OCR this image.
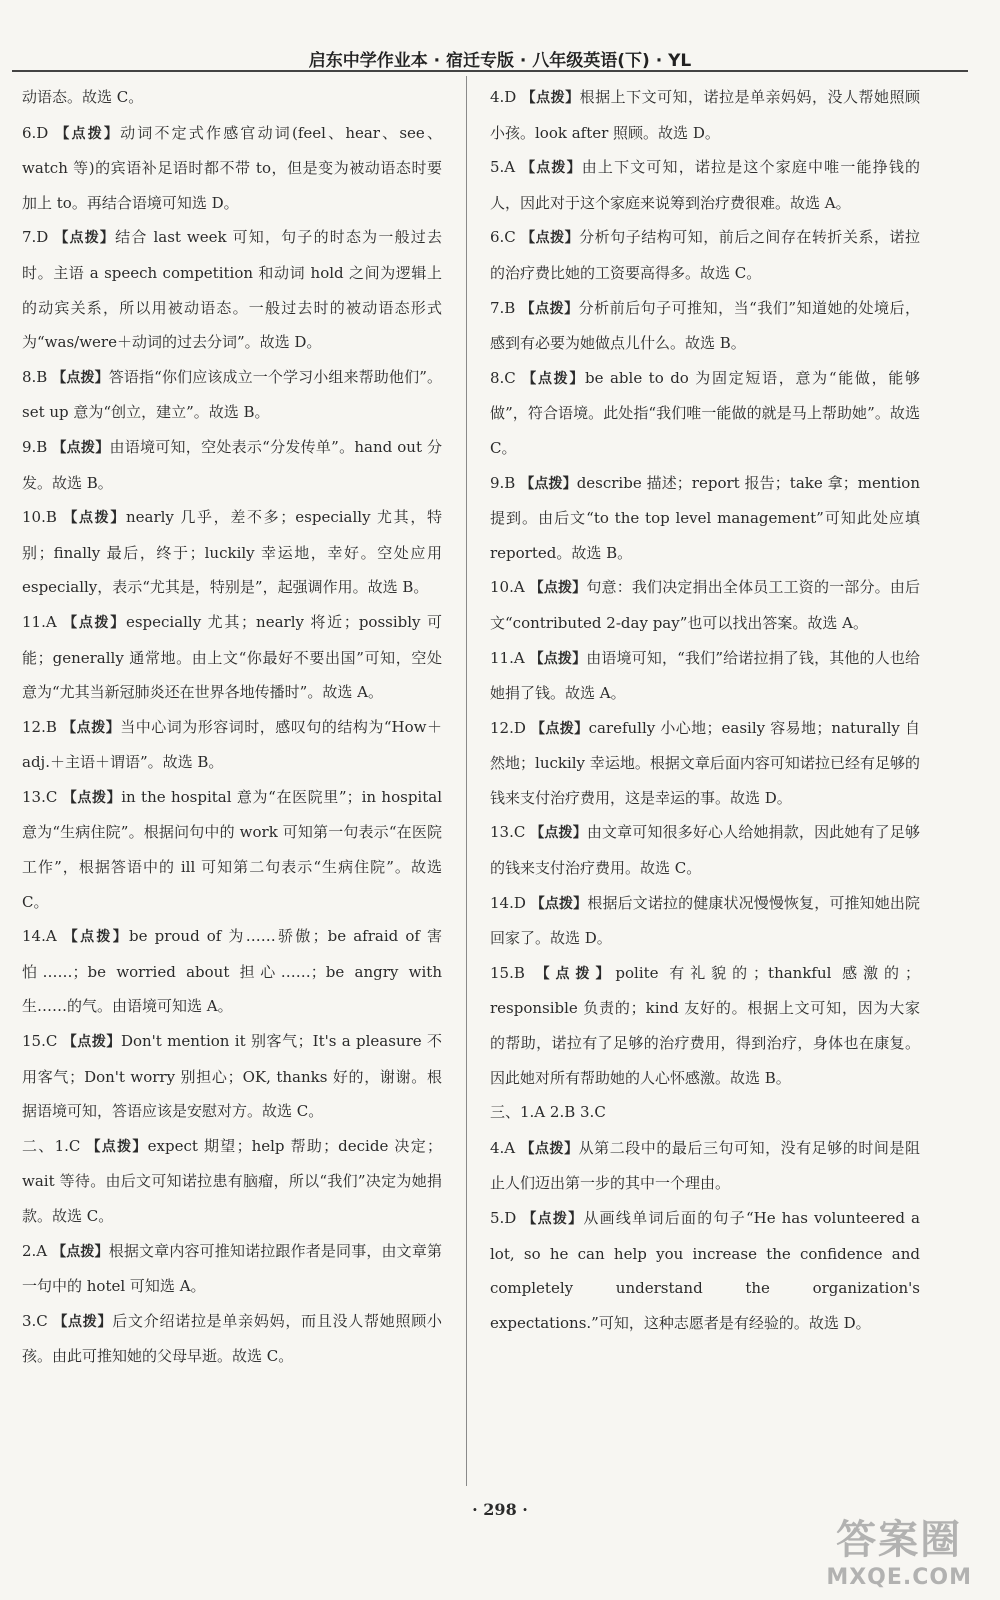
启东中学作业本 · 宿迁专版 · 八年级英语(下) · YL
动语态。故选 C。
6.D 【点拨】动词不定式作感官动词(feel、hear、see、watch 等)的宾语补足语时都不带 to，但是变为被动语态时要加上 to。再结合语境可知选 D。
7.D 【点拨】结合 last week 可知，句子的时态为一般过去时。主语 a speech competition 和动词 hold 之间为逻辑上的动宾关系，所以用被动语态。一般过去时的被动语态形式为“was/were＋动词的过去分词”。故选 D。
8.B 【点拨】答语指“你们应该成立一个学习小组来帮助他们”。set up 意为“创立，建立”。故选 B。
9.B 【点拨】由语境可知，空处表示“分发传单”。hand out 分发。故选 B。
10.B 【点拨】nearly 几乎，差不多；especially 尤其，特别；finally 最后，终于；luckily 幸运地，幸好。空处应用 especially，表示“尤其是，特别是”，起强调作用。故选 B。
11.A 【点拨】especially 尤其；nearly 将近；possibly 可能；generally 通常地。由上文“你最好不要出国”可知，空处意为“尤其当新冠肺炎还在世界各地传播时”。故选 A。
12.B 【点拨】当中心词为形容词时，感叹句的结构为“How＋adj.＋主语＋谓语”。故选 B。
13.C 【点拨】in the hospital 意为“在医院里”；in hospital 意为“生病住院”。根据问句中的 work 可知第一句表示“在医院工作”，根据答语中的 ill 可知第二句表示“生病住院”。故选 C。
14.A 【点拨】be proud of 为……骄傲；be afraid of 害怕……；be worried about 担心……；be angry with 生……的气。由语境可知选 A。
15.C 【点拨】Don't mention it 别客气；It's a pleasure 不用客气；Don't worry 别担心；OK, thanks 好的，谢谢。根据语境可知，答语应该是安慰对方。故选 C。
二、1.C 【点拨】expect 期望；help 帮助；decide 决定；wait 等待。由后文可知诺拉患有脑瘤，所以“我们”决定为她捐款。故选 C。
2.A 【点拨】根据文章内容可推知诺拉跟作者是同事，由文章第一句中的 hotel 可知选 A。
3.C 【点拨】后文介绍诺拉是单亲妈妈，而且没人帮她照顾小孩。由此可推知她的父母早逝。故选 C。
4.D 【点拨】根据上下文可知，诺拉是单亲妈妈，没人帮她照顾小孩。look after 照顾。故选 D。
5.A 【点拨】由上下文可知，诺拉是这个家庭中唯一能挣钱的人，因此对于这个家庭来说筹到治疗费很难。故选 A。
6.C 【点拨】分析句子结构可知，前后之间存在转折关系，诺拉的治疗费比她的工资要高得多。故选 C。
7.B 【点拨】分析前后句子可推知，当“我们”知道她的处境后，感到有必要为她做点儿什么。故选 B。
8.C 【点拨】be able to do 为固定短语，意为“能做，能够做”，符合语境。此处指“我们唯一能做的就是马上帮助她”。故选 C。
9.B 【点拨】describe 描述；report 报告；take 拿；mention 提到。由后文“to the top level management”可知此处应填 reported。故选 B。
10.A 【点拨】句意：我们决定捐出全体员工工资的一部分。由后文“contributed 2-day pay”也可以找出答案。故选 A。
11.A 【点拨】由语境可知，“我们”给诺拉捐了钱，其他的人也给她捐了钱。故选 A。
12.D 【点拨】carefully 小心地；easily 容易地；naturally 自然地；luckily 幸运地。根据文章后面内容可知诺拉已经有足够的钱来支付治疗费用，这是幸运的事。故选 D。
13.C 【点拨】由文章可知很多好心人给她捐款，因此她有了足够的钱来支付治疗费用。故选 C。
14.D 【点拨】根据后文诺拉的健康状况慢慢恢复，可推知她出院回家了。故选 D。
15.B 【点拨】polite 有礼貌的；thankful 感激的；responsible 负责的；kind 友好的。根据上文可知，因为大家的帮助，诺拉有了足够的治疗费用，得到治疗，身体也在康复。因此她对所有帮助她的人心怀感激。故选 B。
三、1.A 2.B 3.C
4.A 【点拨】从第二段中的最后三句可知，没有足够的时间是阻止人们迈出第一步的其中一个理由。
5.D 【点拨】从画线单词后面的句子“He has volunteered a lot, so he can help you increase the confidence and completely understand the organization's expectations.”可知，这种志愿者是有经验的。故选 D。
· 298 ·
答案圈
MXQE.COM
